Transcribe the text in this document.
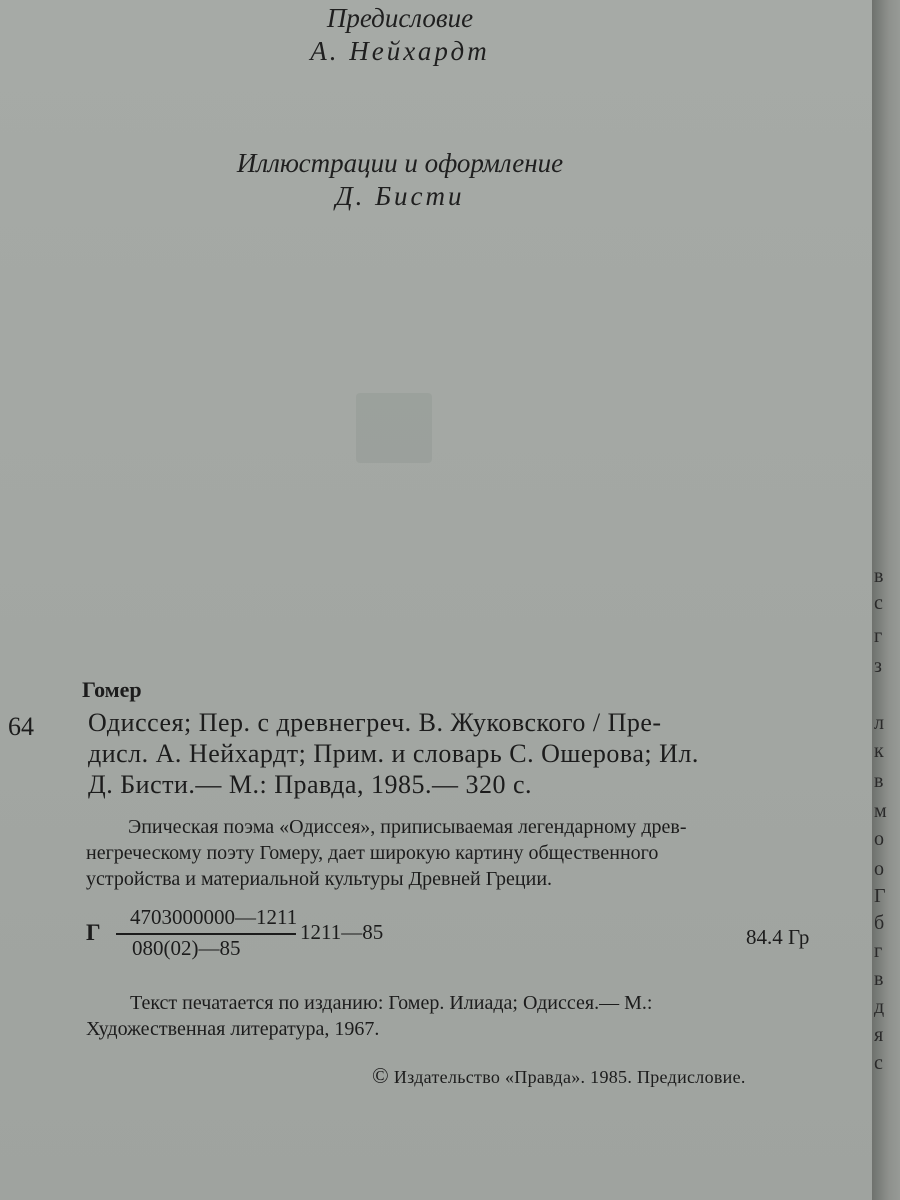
Предисловие
А. Нейхардт
Иллюстрации и оформление
Д. Бисти
Гомер
64 Одиссея; Пер. с древнегреч. В. Жуковского / Пре-
дисл. А. Нейхардт; Прим. и словарь С. Ошерова; Ил.
Д. Бисти.— М.: Правда, 1985.— 320 с.
Эпическая поэма «Одиссея», приписываемая легендарному древ-
негреческому поэту Гомеру, дает широкую картину общественного
устройства и материальной культуры Древней Греции.
Г
4703000000—1211
080(02)—85
1211—85	84.4 Гр
Текст печатается по изданию: Гомер. Илиада; Одиссея.— М.:
Художественная литература, 1967.
© Издательство «Правда». 1985. Предисловие.
в
с
г
з
л
к
в
м
о
о
Г
б
г
в
д
я
с
